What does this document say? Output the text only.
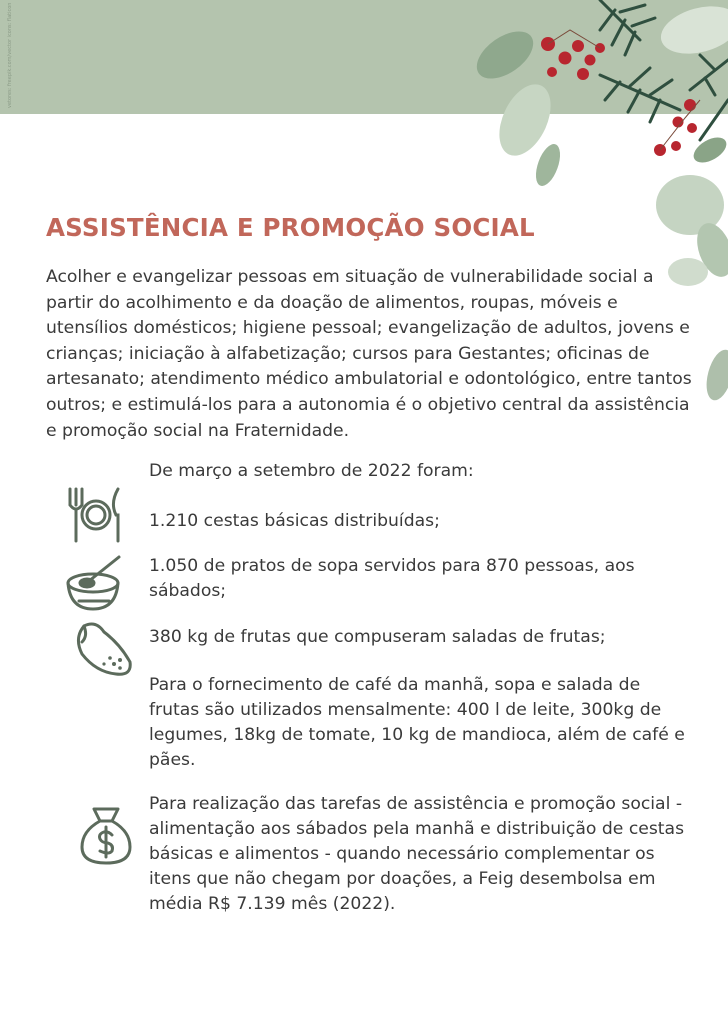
vetores: freepik.com/vector icons: flaticon
ASSISTÊNCIA E PROMOÇÃO SOCIAL

Acolher e evangelizar pessoas em situação de vulnerabilidade social a partir do acolhimento e da doação de alimentos, roupas, móveis e utensílios domésticos; higiene pessoal; evangelização de adultos, jovens e crianças; iniciação à alfabetização; cursos para Gestantes; oficinas de artesanato; atendimento médico ambulatorial e odontológico, entre tantos outros; e estimulá-los para a autonomia é o objetivo central da assistência e promoção social na Fraternidade.

De março a setembro de 2022 foram:

1.210 cestas básicas distribuídas;

1.050 de pratos de sopa servidos para 870 pessoas, aos sábados;

380 kg de frutas que compuseram saladas de frutas;

Para o fornecimento de café da manhã, sopa e salada de frutas são utilizados mensalmente: 400 l de leite, 300kg de legumes, 18kg de tomate, 10 kg de mandioca, além de café e pães.

Para realização das tarefas de assistência e promoção social - alimentação aos sábados pela manhã e distribuição de cestas básicas e alimentos - quando necessário complementar os itens que não chegam por doações, a Feig desembolsa em média R$ 7.139 mês (2022).
